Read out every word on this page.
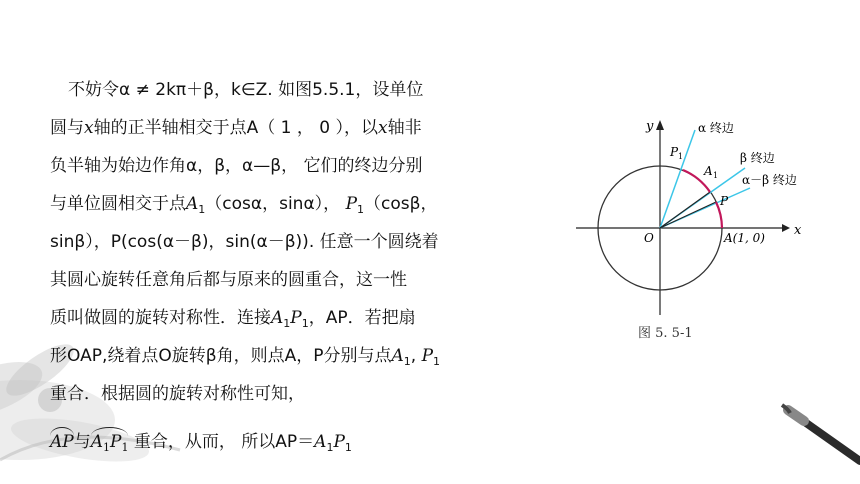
不妨令α ≠ 2kπ＋β，k∈Z. 如图5.5.1，设单位
圆与x轴的正半轴相交于点A（ 1 ， 0 ），以x轴非
负半轴为始边作角α，β，α—β， 它们的终边分别
与单位圆相交于点$A_1(\cos\alpha$，sinα）， $P_1(\cos\beta$，
sinβ），P(cos(α－β)，sin(α－β)). 任意一个圆绕着
其圆心旋转任意角后都与原来的圆重合，这一性
质叫做圆的旋转对称性．连接$A_1P_1$，AP．若把扇
形OAP,绕着点O旋转β角，则点A，P分别与点$A_1$, $P_1$
重合．根据圆的旋转对称性可知，
AP与$A_1P_1$ 重合，从而， 所以$AP=A_1P_1$
y
x
O	A(1, 0)
P
A 1
P 1
α 终边
β 终边
α－β 终边
图 5. 5-1
